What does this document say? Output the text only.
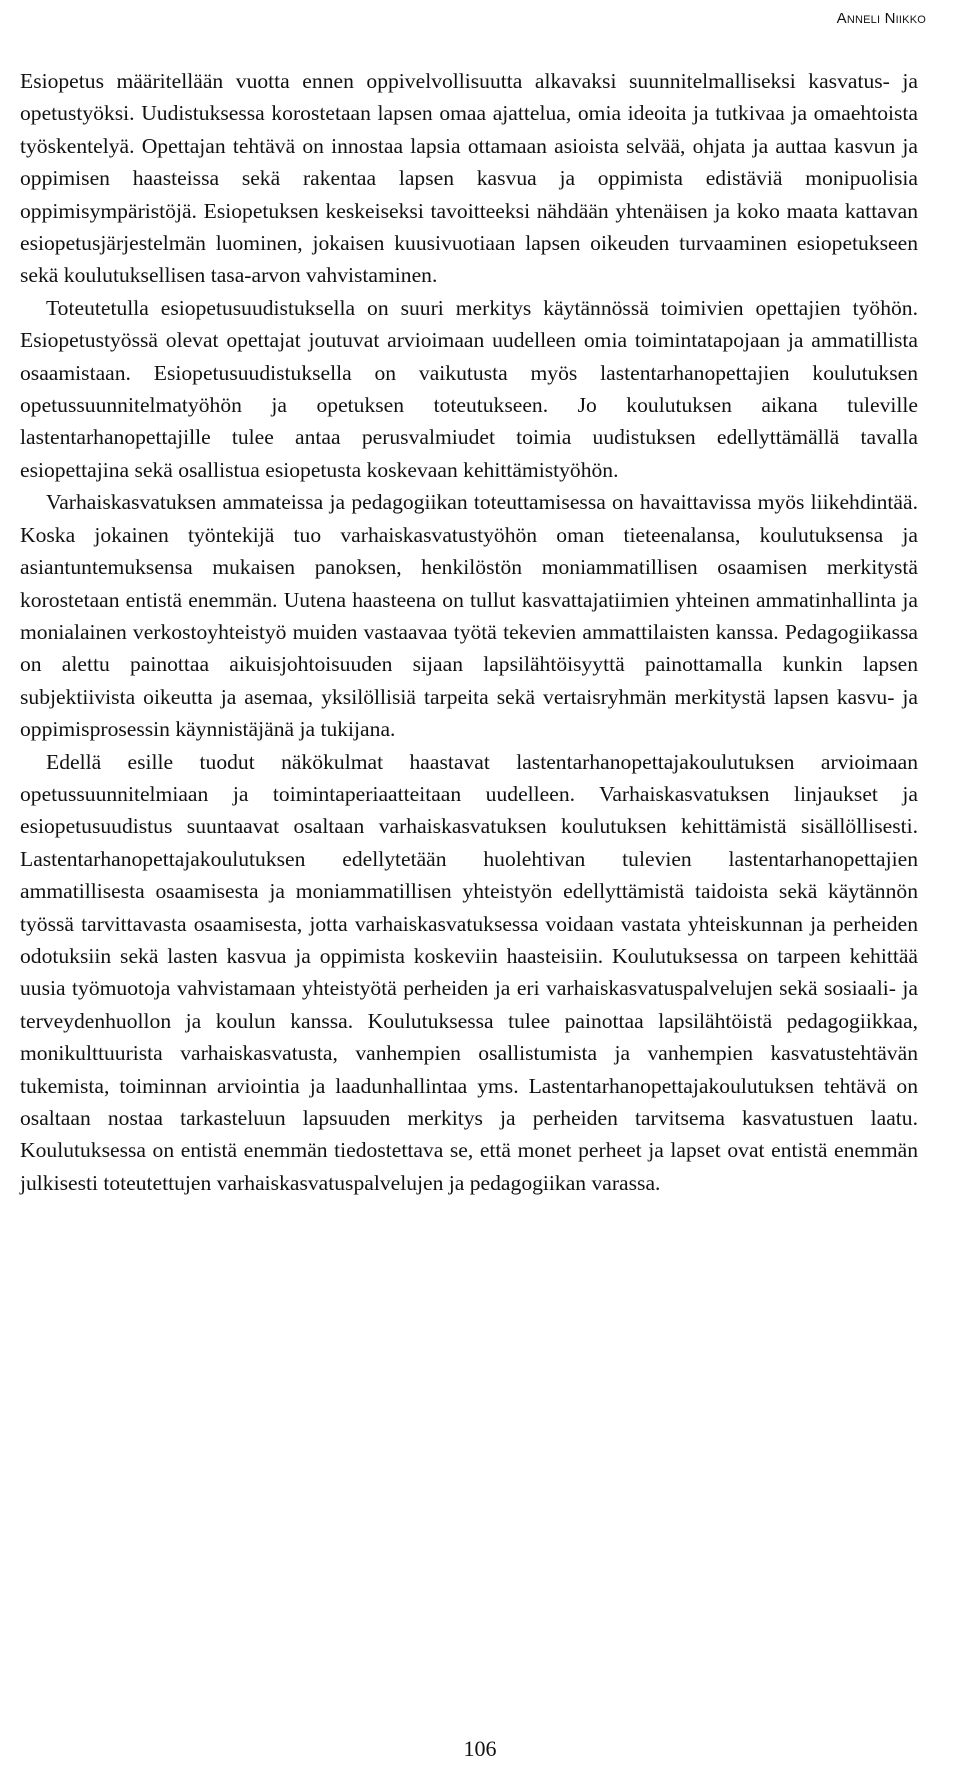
Anneli Niikko

Esiopetus määritellään vuotta ennen oppivelvollisuutta alkavaksi suunnitelmalliseksi kasvatus- ja opetustyöksi. Uudistuksessa korostetaan lapsen omaa ajattelua, omia ideoita ja tutkivaa ja omaehtoista työskentelyä. Opettajan tehtävä on innostaa lapsia ottamaan asioista selvää, ohjata ja auttaa kasvun ja oppimisen haasteissa sekä rakentaa lapsen kasvua ja oppimista edistäviä monipuolisia oppimisympäristöjä. Esiopetuksen keskeiseksi tavoitteeksi nähdään yhtenäisen ja koko maata kattavan esiopetusjärjestelmän luominen, jokaisen kuusivuotiaan lapsen oikeuden turvaaminen esiopetukseen sekä koulutuksellisen tasa-arvon vahvistaminen.

Toteutetulla esiopetusuudistuksella on suuri merkitys käytännössä toimivien opettajien työhön. Esiopetustyössä olevat opettajat joutuvat arvioimaan uudelleen omia toimintatapojaan ja ammatillista osaamistaan. Esiopetusuudistuksella on vaikutusta myös lastentarhanopettajien koulutuksen opetussuunnitelmatyöhön ja opetuksen toteutukseen. Jo koulutuksen aikana tuleville lastentarhanopettajille tulee antaa perusvalmiudet toimia uudistuksen edellyttämällä tavalla esiopettajina sekä osallistua esiopetusta koskevaan kehittämistyöhön.

Varhaiskasvatuksen ammateissa ja pedagogiikan toteuttamisessa on havaittavissa myös liikehdintää. Koska jokainen työntekijä tuo varhaiskasvatustyöhön oman tieteenalansa, koulutuksensa ja asiantuntemuksensa mukaisen panoksen, henkilöstön moniammatillisen osaamisen merkitystä korostetaan entistä enemmän. Uutena haasteena on tullut kasvattajatiimien yhteinen ammatinhallinta ja monialainen verkostoyhteistyö muiden vastaavaa työtä tekevien ammattilaisten kanssa. Pedagogiikassa on alettu painottaa aikuisjohtoisuuden sijaan lapsilähtöisyyttä painottamalla kunkin lapsen subjektiivista oikeutta ja asemaa, yksilöllisiä tarpeita sekä vertaisryhmän merkitystä lapsen kasvu- ja oppimisprosessin käynnistäjänä ja tukijana.

Edellä esille tuodut näkökulmat haastavat lastentarhanopettajakoulutuksen arvioimaan opetussuunnitelmiaan ja toimintaperiaatteitaan uudelleen. Varhaiskasvatuksen linjaukset ja esiopetusuudistus suuntaavat osaltaan varhaiskasvatuksen koulutuksen kehittämistä sisällöllisesti. Lastentarhanopettajakoulutuksen edellytetään huolehtivan tulevien lastentarhanopettajien ammatillisesta osaamisesta ja moniammatillisen yhteistyön edellyttämistä taidoista sekä käytännön työssä tarvittavasta osaamisesta, jotta varhaiskasvatuksessa voidaan vastata yhteiskunnan ja perheiden odotuksiin sekä lasten kasvua ja oppimista koskeviin haasteisiin. Koulutuksessa on tarpeen kehittää uusia työmuotoja vahvistamaan yhteistyötä perheiden ja eri varhaiskasvatuspalvelujen sekä sosiaali- ja terveydenhuollon ja koulun kanssa. Koulutuksessa tulee painottaa lapsilähtöistä pedagogiikkaa, monikulttuurista varhaiskasvatusta, vanhempien osallistumista ja vanhempien kasvatustehtävän tukemista, toiminnan arviointia ja laadunhallintaa yms. Lastentarhanopettajakoulutuksen tehtävä on osaltaan nostaa tarkasteluun lapsuuden merkitys ja perheiden tarvitsema kasvatustuen laatu. Koulutuksessa on entistä enemmän tiedostettava se, että monet perheet ja lapset ovat entistä enemmän julkisesti toteutettujen varhaiskasvatuspalvelujen ja pedagogiikan varassa.

106
